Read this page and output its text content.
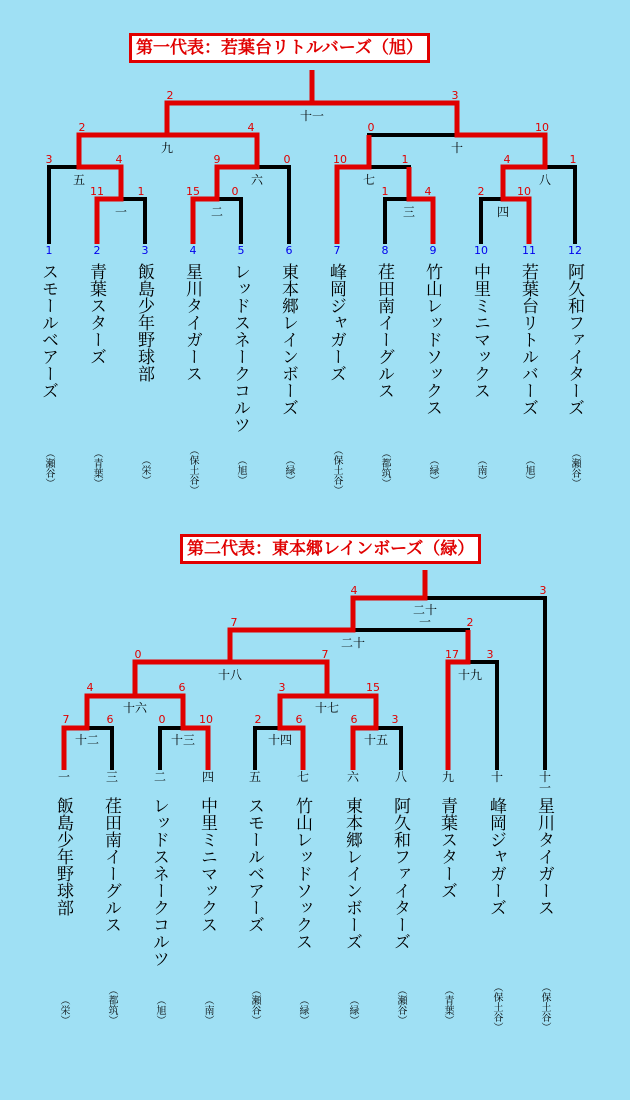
第一代表：若葉台リトルバーズ（旭）
第二代表：東本郷レインボーズ（緑）
一	二	三	四
五	六	七	八
九	十
十一
11	1	15	0	1	4	2	10
3	4	9	0	10	1	4	1
2	4	0	10
2	3
1	2	3	4	5	6	7	8	9	10	11	12
スモールベアーズ 青葉スターズ 飯島少年野球部 星川タイガース レッドスネークコルツ 東本郷レインボーズ 峰岡ジャガーズ 荏田南イーグルス 竹山レッドソックス 中里ミニマックス 若葉台リトルバーズ 阿久和ファイターズ
（瀬谷）	（青葉）	（栄）	（保土谷）	（旭）	（緑）	（保土谷）	（都筑）	（緑）	（南）	（旭）	（瀬谷）
十二	十三	十四	十五
十六	十七
十八	十九
二十
二十一
7	6	0	10	2	6	6	3
4	6	3	15
0	7	17	3
7	2
4	3
一	三	二	四	五	七	六	八	九	十	十一
飯島少年野球部 荏田南イーグルス レッドスネークコルツ 中里ミニマックス スモールベアーズ 竹山レッドソックス 東本郷レインボーズ 阿久和ファイターズ 青葉スターズ 峰岡ジャガーズ 星川タイガース
（栄）	（都筑）	（旭）	（南）	（瀬谷）	（緑）	（緑）	（瀬谷）	（青葉）	（保土谷）	（保土谷）
